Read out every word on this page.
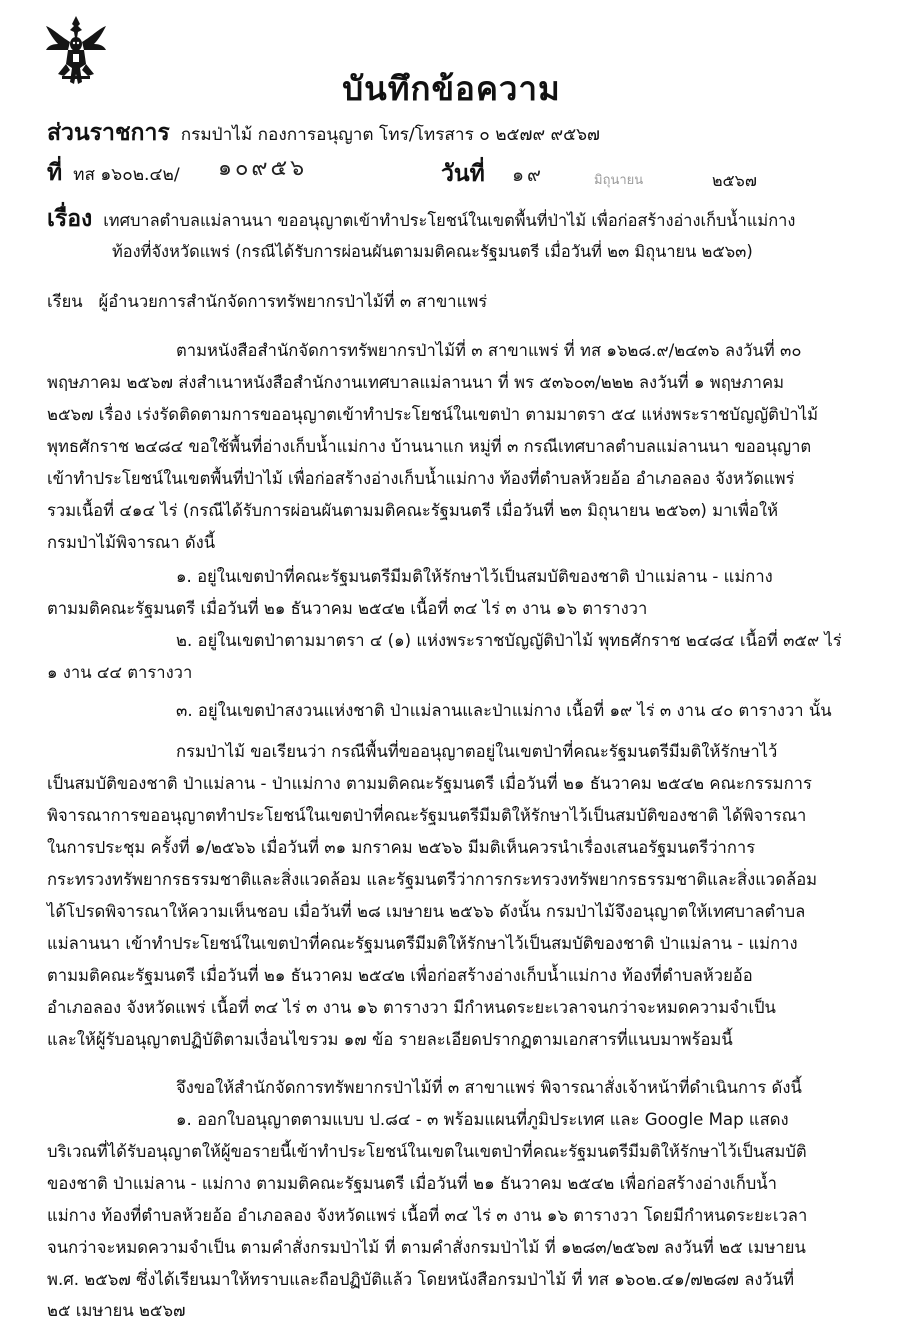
บันทึกข้อความ
ส่วนราชการ กรมป่าไม้ กองการอนุญาต โทร/โทรสาร ๐ ๒๕๗๙ ๙๕๖๗
ที่ ทส ๑๖๐๒.๔๒/ ๑๐๙๕๖	วันที่ ๑๙	มิถุนายน	๒๕๖๗
เรื่อง เทศบาลตำบลแม่ลานนา ขออนุญาตเข้าทำประโยชน์ในเขตพื้นที่ป่าไม้ เพื่อก่อสร้างอ่างเก็บน้ำแม่กาง
ท้องที่จังหวัดแพร่ (กรณีได้รับการผ่อนผันตามมติคณะรัฐมนตรี เมื่อวันที่ ๒๓ มิถุนายน ๒๕๖๓)
เรียน ผู้อำนวยการสำนักจัดการทรัพยากรป่าไม้ที่ ๓ สาขาแพร่
ตามหนังสือสำนักจัดการทรัพยากรป่าไม้ที่ ๓ สาขาแพร่ ที่ ทส ๑๖๒๘.๙/๒๔๓๖ ลงวันที่ ๓๐
พฤษภาคม ๒๕๖๗ ส่งสำเนาหนังสือสำนักงานเทศบาลแม่ลานนา ที่ พร ๕๓๖๐๓/๒๒๒ ลงวันที่ ๑ พฤษภาคม
๒๕๖๗ เรื่อง เร่งรัดติดตามการขออนุญาตเข้าทำประโยชน์ในเขตป่า ตามมาตรา ๕๔ แห่งพระราชบัญญัติป่าไม้
พุทธศักราช ๒๔๘๔ ขอใช้พื้นที่อ่างเก็บน้ำแม่กาง บ้านนาแก หมู่ที่ ๓ กรณีเทศบาลตำบลแม่ลานนา ขออนุญาต
เข้าทำประโยชน์ในเขตพื้นที่ป่าไม้ เพื่อก่อสร้างอ่างเก็บน้ำแม่กาง ท้องที่ตำบลห้วยอ้อ อำเภอลอง จังหวัดแพร่
รวมเนื้อที่ ๔๑๔ ไร่ (กรณีได้รับการผ่อนผันตามมติคณะรัฐมนตรี เมื่อวันที่ ๒๓ มิถุนายน ๒๕๖๓) มาเพื่อให้
กรมป่าไม้พิจารณา ดังนี้
๑. อยู่ในเขตป่าที่คณะรัฐมนตรีมีมติให้รักษาไว้เป็นสมบัติของชาติ ป่าแม่ลาน - แม่กาง
ตามมติคณะรัฐมนตรี เมื่อวันที่ ๒๑ ธันวาคม ๒๕๔๒ เนื้อที่ ๓๔ ไร่ ๓ งาน ๑๖ ตารางวา
๒. อยู่ในเขตป่าตามมาตรา ๔ (๑) แห่งพระราชบัญญัติป่าไม้ พุทธศักราช ๒๔๘๔ เนื้อที่ ๓๕๙ ไร่
๑ งาน ๔๔ ตารางวา
๓. อยู่ในเขตป่าสงวนแห่งชาติ ป่าแม่ลานและป่าแม่กาง เนื้อที่ ๑๙ ไร่ ๓ งาน ๔๐ ตารางวา นั้น
กรมป่าไม้ ขอเรียนว่า กรณีพื้นที่ขออนุญาตอยู่ในเขตป่าที่คณะรัฐมนตรีมีมติให้รักษาไว้
เป็นสมบัติของชาติ ป่าแม่ลาน - ป่าแม่กาง ตามมติคณะรัฐมนตรี เมื่อวันที่ ๒๑ ธันวาคม ๒๕๔๒ คณะกรรมการ
พิจารณาการขออนุญาตทำประโยชน์ในเขตป่าที่คณะรัฐมนตรีมีมติให้รักษาไว้เป็นสมบัติของชาติ ได้พิจารณา
ในการประชุม ครั้งที่ ๑/๒๕๖๖ เมื่อวันที่ ๓๑ มกราคม ๒๕๖๖ มีมติเห็นควรนำเรื่องเสนอรัฐมนตรีว่าการ
กระทรวงทรัพยากรธรรมชาติและสิ่งแวดล้อม และรัฐมนตรีว่าการกระทรวงทรัพยากรธรรมชาติและสิ่งแวดล้อม
ได้โปรดพิจารณาให้ความเห็นชอบ เมื่อวันที่ ๒๘ เมษายน ๒๕๖๖ ดังนั้น กรมป่าไม้จึงอนุญาตให้เทศบาลตำบล
แม่ลานนา เข้าทำประโยชน์ในเขตป่าที่คณะรัฐมนตรีมีมติให้รักษาไว้เป็นสมบัติของชาติ ป่าแม่ลาน - แม่กาง
ตามมติคณะรัฐมนตรี เมื่อวันที่ ๒๑ ธันวาคม ๒๕๔๒ เพื่อก่อสร้างอ่างเก็บน้ำแม่กาง ท้องที่ตำบลห้วยอ้อ
อำเภอลอง จังหวัดแพร่ เนื้อที่ ๓๔ ไร่ ๓ งาน ๑๖ ตารางวา มีกำหนดระยะเวลาจนกว่าจะหมดความจำเป็น
และให้ผู้รับอนุญาตปฏิบัติตามเงื่อนไขรวม ๑๗ ข้อ รายละเอียดปรากฏตามเอกสารที่แนบมาพร้อมนี้
จึงขอให้สำนักจัดการทรัพยากรป่าไม้ที่ ๓ สาขาแพร่ พิจารณาสั่งเจ้าหน้าที่ดำเนินการ ดังนี้
๑. ออกใบอนุญาตตามแบบ ป.๘๔ - ๓ พร้อมแผนที่ภูมิประเทศ และ Google Map แสดง
บริเวณที่ได้รับอนุญาตให้ผู้ขอรายนี้เข้าทำประโยชน์ในเขตในเขตป่าที่คณะรัฐมนตรีมีมติให้รักษาไว้เป็นสมบัติ
ของชาติ ป่าแม่ลาน - แม่กาง ตามมติคณะรัฐมนตรี เมื่อวันที่ ๒๑ ธันวาคม ๒๕๔๒ เพื่อก่อสร้างอ่างเก็บน้ำ
แม่กาง ท้องที่ตำบลห้วยอ้อ อำเภอลอง จังหวัดแพร่ เนื้อที่ ๓๔ ไร่ ๓ งาน ๑๖ ตารางวา โดยมีกำหนดระยะเวลา
จนกว่าจะหมดความจำเป็น ตามคำสั่งกรมป่าไม้ ที่ ตามคำสั่งกรมป่าไม้ ที่ ๑๒๘๓/๒๕๖๗ ลงวันที่ ๒๕ เมษายน
พ.ศ. ๒๕๖๗ ซึ่งได้เรียนมาให้ทราบและถือปฏิบัติแล้ว โดยหนังสือกรมป่าไม้ ที่ ทส ๑๖๐๒.๔๑/๗๒๘๗ ลงวันที่
๒๕ เมษายน ๒๕๖๗
